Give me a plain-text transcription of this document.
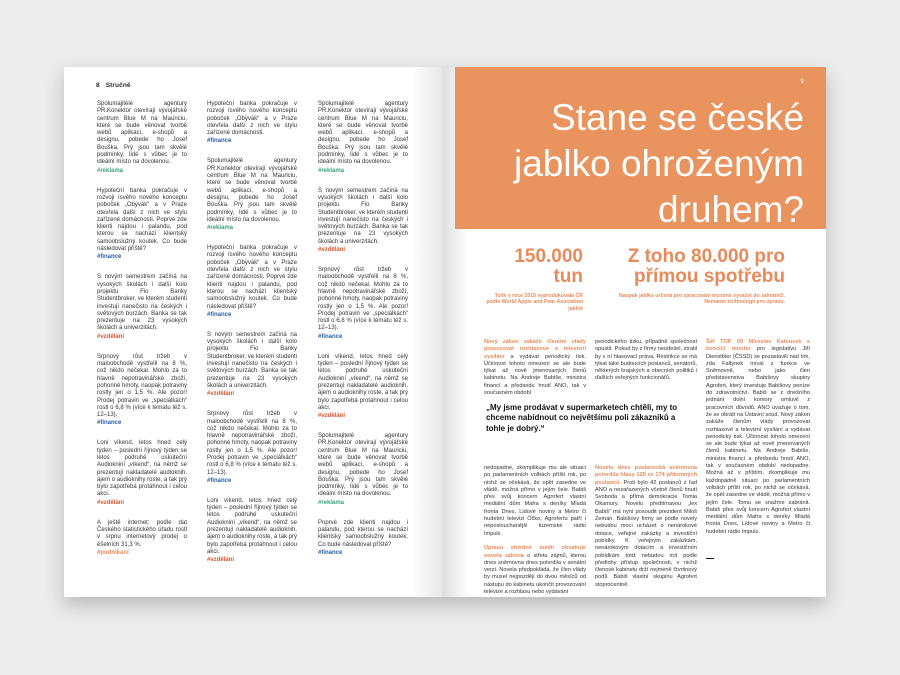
8 Stručně

Spolumajitelé agentury PR.Konektor otevírají vývojářské centrum Blue M na Mauriciu, které se bude věnovat tvorbě webů aplikací, e-shopů a designu, pobede ho Josef Bouška. Prý jsou tam skvělé podmínky, lidé s vůbec je to ideální místo na dovolenou.

#reklama

Hypoteční banka pokračuje v rozvoji ísvého nového konceptu poboček „Obývák“ a v Praze otevřela další z nich ve stylu zařízené domácnosti. Poprvé zde klienti najdou i palandu, pod kterou se nachází klientský samoobslužný koutek. Co bude následovat příště?

#finance

S novým semestrem začíná na vysokých školách i další kolo projektu Fio Banky Studentbroker, ve kterém studenti investují nanečisto na českých i světových burzách. Banka se tak prezentuje na 23 vysokých školách a univerzitách.

#vzdělání

Srpnový růst tržeb v maloobchodě vystřelil na 8 %, což nikdo nečekal. Mohlo za to hlavně nepotravinářské zboží, pohonné hmoty, naopak potraviny rostly jen o 1,5 %. Ale pozor! Prodej potravin ve „speciálkách“ rostl o 6,8 % (více k tématu též s. 12–13).

#finance

Loni víkend, letos hned celý týden – poslední řijnový týden se letos podruhé uskuteční Audiokniní „víkend“, na němž se prezentují nakladatelé audioknih. ájem o audioknihy roste, a tak prý bylo zapotřebá protáhnout i celou akci.

#vzdělání

A ještě internet: podle dat Českého statistického úřadu rostl v srpnu internetový prodej o ěšelních 31,3 %.

#podnikání

Hypoteční banka pokračuje v rozvoji ísvého nového konceptu poboček „Obývák“ a v Praze otevřela další z nich ve stylu zařízené domácnosti.

#finance

Spolumajitelé agentury PR.Konektor otevírají vývojářské centrum Blue M na Mauriciu, které se bude věnovat tvorbě webů aplikací, e-shopů a designu, pobede ho Josef Bouška. Prý jsou tam skvělé podmínky, lidé s vůbec je to ideální místo na dovolenou.

#reklama

Hypoteční banka pokračuje v rozvoji ísvého nového konceptu poboček „Obývák“ a v Praze otevřela další z nich ve stylu zařízené domácnosti. Poprvé zde klienti najdou i palandu, pod kterou se nachází klientský samoobslužný koutek. Co bude následovat příště?

#finance

S novým semestrem začíná na vysokých školách i další kolo projektu Fio Banky Studentbroker, ve kterém studenti investují nanečisto na českých i světových burzách. Banka se tak prezentuje na 23 vysokých školách a univerzitách.

#vzdělání

Srpnový růst tržeb v maloobchodě vystřelil na 8 %, což nikdo nečekal. Mohlo za to hlavně nepotravinářské zboží, pohonné hmoty, naopak potraviny rostly jen o 1,5 %. Ale pozor! Prodej potravin ve „speciálkách“ rostl o 6,8 % (více k tématu též s. 12–13).

#finance

Loni víkend, letos hned celý týden – poslední řijnový týden se letos podruhé uskuteční Audiokniní „víkend“, na němž se prezentují nakladatelé audioknih. ájem o audioknihy roste, a tak prý bylo zapotřebá protáhnout i celou akci.

#vzdělání

Spolumajitelé agentury PR.Konektor otevírají vývojářské centrum Blue M na Mauriciu, které se bude věnovat tvorbě webů aplikací, e-shopů a designu, pobede ho Josef Bouška. Prý jsou tam skvělé podmínky, lidé s vůbec je to ideální místo na dovolenou.

#reklama

S novým semestrem začíná na vysokých školách i další kolo projektu Fio Banky Studentbroker, ve kterém studenti investují nanečisto na českých i světových burzách. Banka se tak prezentuje na 23 vysokých školách a univerzitách.

#vzdělání

Srpnový růst tržeb v maloobchodě vystřelil na 8 %, což nikdo nečekal. Mohlo za to hlavně nepotravinářské zboží, pohonné hmoty, naopak potraviny rostly jen o 1,5 %. Ale pozor! Prodej potravin ve „speciálkách“ rostl o 6,8 % (více k tématu též s. 12–13).

#finance

Loni víkend, letos hned celý týden – poslední řijnový týden se letos podruhé uskuteční Audiokniní „víkend“, na němž se prezentují nakladatelé audioknih. ájem o audioknihy roste, a tak prý bylo zapotřebá protáhnout i celou akci.

#vzdělání

Spolumajitelé agentury PR.Konektor otevírají vývojářské centrum Blue M na Mauriciu, které se bude věnovat tvorbě webů aplikací, e-shopů a designu, pobede ho Josef Bouška. Prý jsou tam skvělé podmínky, lidé s vůbec je to ideální místo na dovolenou.

#reklama

Poprvé zde klienti najdou i palandu, pod kterou se nachází klientský samoobslužný koutek. Co bude následovat příště?

#finance
9
Stane se české jablko ohroženým druhem?
150.000 tun
Tolik v roce 2015 vyprodukovala ČR podle World Apple and Pear Asociation jablek
Z toho 80.000 pro přímou spotřebu
Naopak jablka určená pro zpracování musíme vyvážet do zahraničí. Nemáme technologii pro úpravu.
Nový zákon zakáže členům vlády provozovat rozhlasové a televizní vysílání a vydávat periodický tisk. Účinnost tohoto omezení se ale bude týkat až nově jmenovaných členů kabinetu. Na Andreje Babiše, ministra financí a předsedu hnutí ANO, tak v současném období
periodického tisku, případně společnost opustit. Pokud by z firmy neodešel, ztratil by v ní hlasovací práva. Restrikce se má týkat také budoucích poslanců, senátorů, některých krajských a obecních politiků i ďalších veřejných funkcionářů.
Šéf TOP 09 Miroslav Kalousek s koncící mnoho pro legislativu Jiří Dienstbier (ČSSD) se pozastavili nad tím, zda Faltynek míval z funkce ve Sněmovně, nebo jako člen představenstva Babišovy skupiny Agrofert, který investuje Babišovy peníze do zdravotnictví. Babiš se z dnešního jednání dolní komory omluvil z pracovních důvodů. ANO uvažuje o tom, že se obrátí na Ústavní soud. Nový zákon zakáže členům vlády provozovat rozhlasové a televizní vysílání a vydávat periodický tisk. Účinnost tohoto omezení se ale bude týkat až nově jmenovaných členů kabinetu. Na Andreje Babiše, ministra financí a předsedu hnutí ANO, tak v současném období nedopadne. Možná až v příštím, zkomplikuje mu každopádně situaci po parlamentních volbách příští rok, po nichž se očekává, že opět zasedne ve vládě, možná přímo v jejím čele. Tomu se snažme zabránit. Babiš přes svůj koncern Agrofert vlastní mediální dům Mafra s deníky Mladá fronta Dnes, Lidové noviny a Metro či hudební rádio Impuls.
„My jsme prodávat v supermarketech chtěli, my to chceme nabídnout co největšímu poli zákazníků a tohle je dobrý.“
nedopadne, zkomplikuje mu ale situaci po parlamentních volbách příští rok, po nichž se očekává, že opět zasedne ve vládě, možná přímo v jejím čele. Babiš přes svůj koncern Agrofert vlastní mediální dům Mafra s deníky Mladá fronta Dnes, Lidové noviny a Metro či hudební televizi Óčko, Agrofertu patří i neposlouchanější tuzemské rádio Impuls.

Úpravu shledné médii obsahuje novela zákona o střetu zájmů, kterou dnes sněmovna dnes potvrdila v senátní verzi. Novela předpokládá, že člen vlády by musel nejpozději do dvou měsíců od nástupu do kabinetu ukončit provozování televize a rozhlasu nebo vydávání
Novelu dnes poslanecká sněmovna potvrdila hlasy 125 ze 174 přítomných poslanců. Proti bylo 42 poslanců z řad ANO a nezařazených včetně členů hnutí Svoboda a přímá demokracie Tomia Okamury. Novelu předtímavou „lex Babiš“ má nyní posoudit prezident Miloš Zeman. Babišovy firmy se podle novely nebudou moci ucházet o nenárokové dotace, veřejné zakázky a investiční pobídky. K veřejným zakázkám, nenárokovým dotacím a investičním pobídkám totiž nebudou mít podle předlohy přístup společnosti, v nichž členové kabinetu drží nejméně čtvrtinový podíl. Babiš vlastní skupinu Agrofert stoprocentně.
